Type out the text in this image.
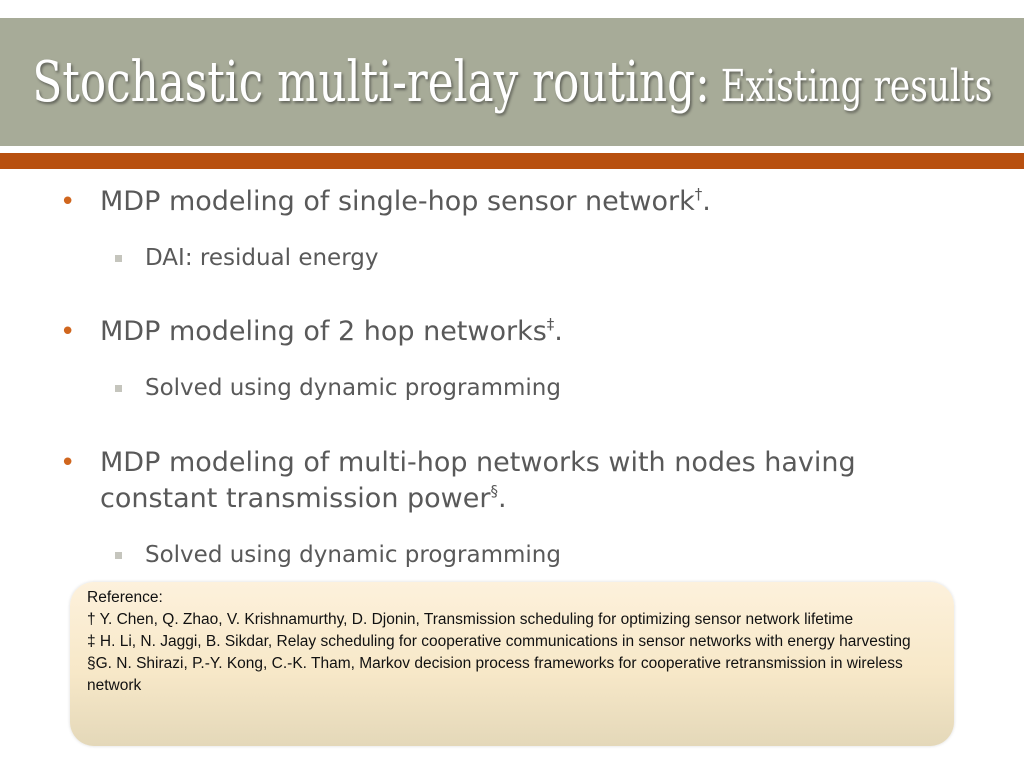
Stochastic multi-relay routing: Existing results
• MDP modeling of single-hop sensor network†.
DAI: residual energy
• MDP modeling of 2 hop networks‡.
Solved using dynamic programming
• MDP modeling of multi-hop networks with nodes having constant transmission power§.
Solved using dynamic programming
Reference:
† Y. Chen, Q. Zhao, V. Krishnamurthy, D. Djonin, Transmission scheduling for optimizing sensor network lifetime
‡ H. Li, N. Jaggi, B. Sikdar, Relay scheduling for cooperative communications in sensor networks with energy harvesting
§G. N. Shirazi, P.-Y. Kong, C.-K. Tham, Markov decision process frameworks for cooperative retransmission in wireless network
